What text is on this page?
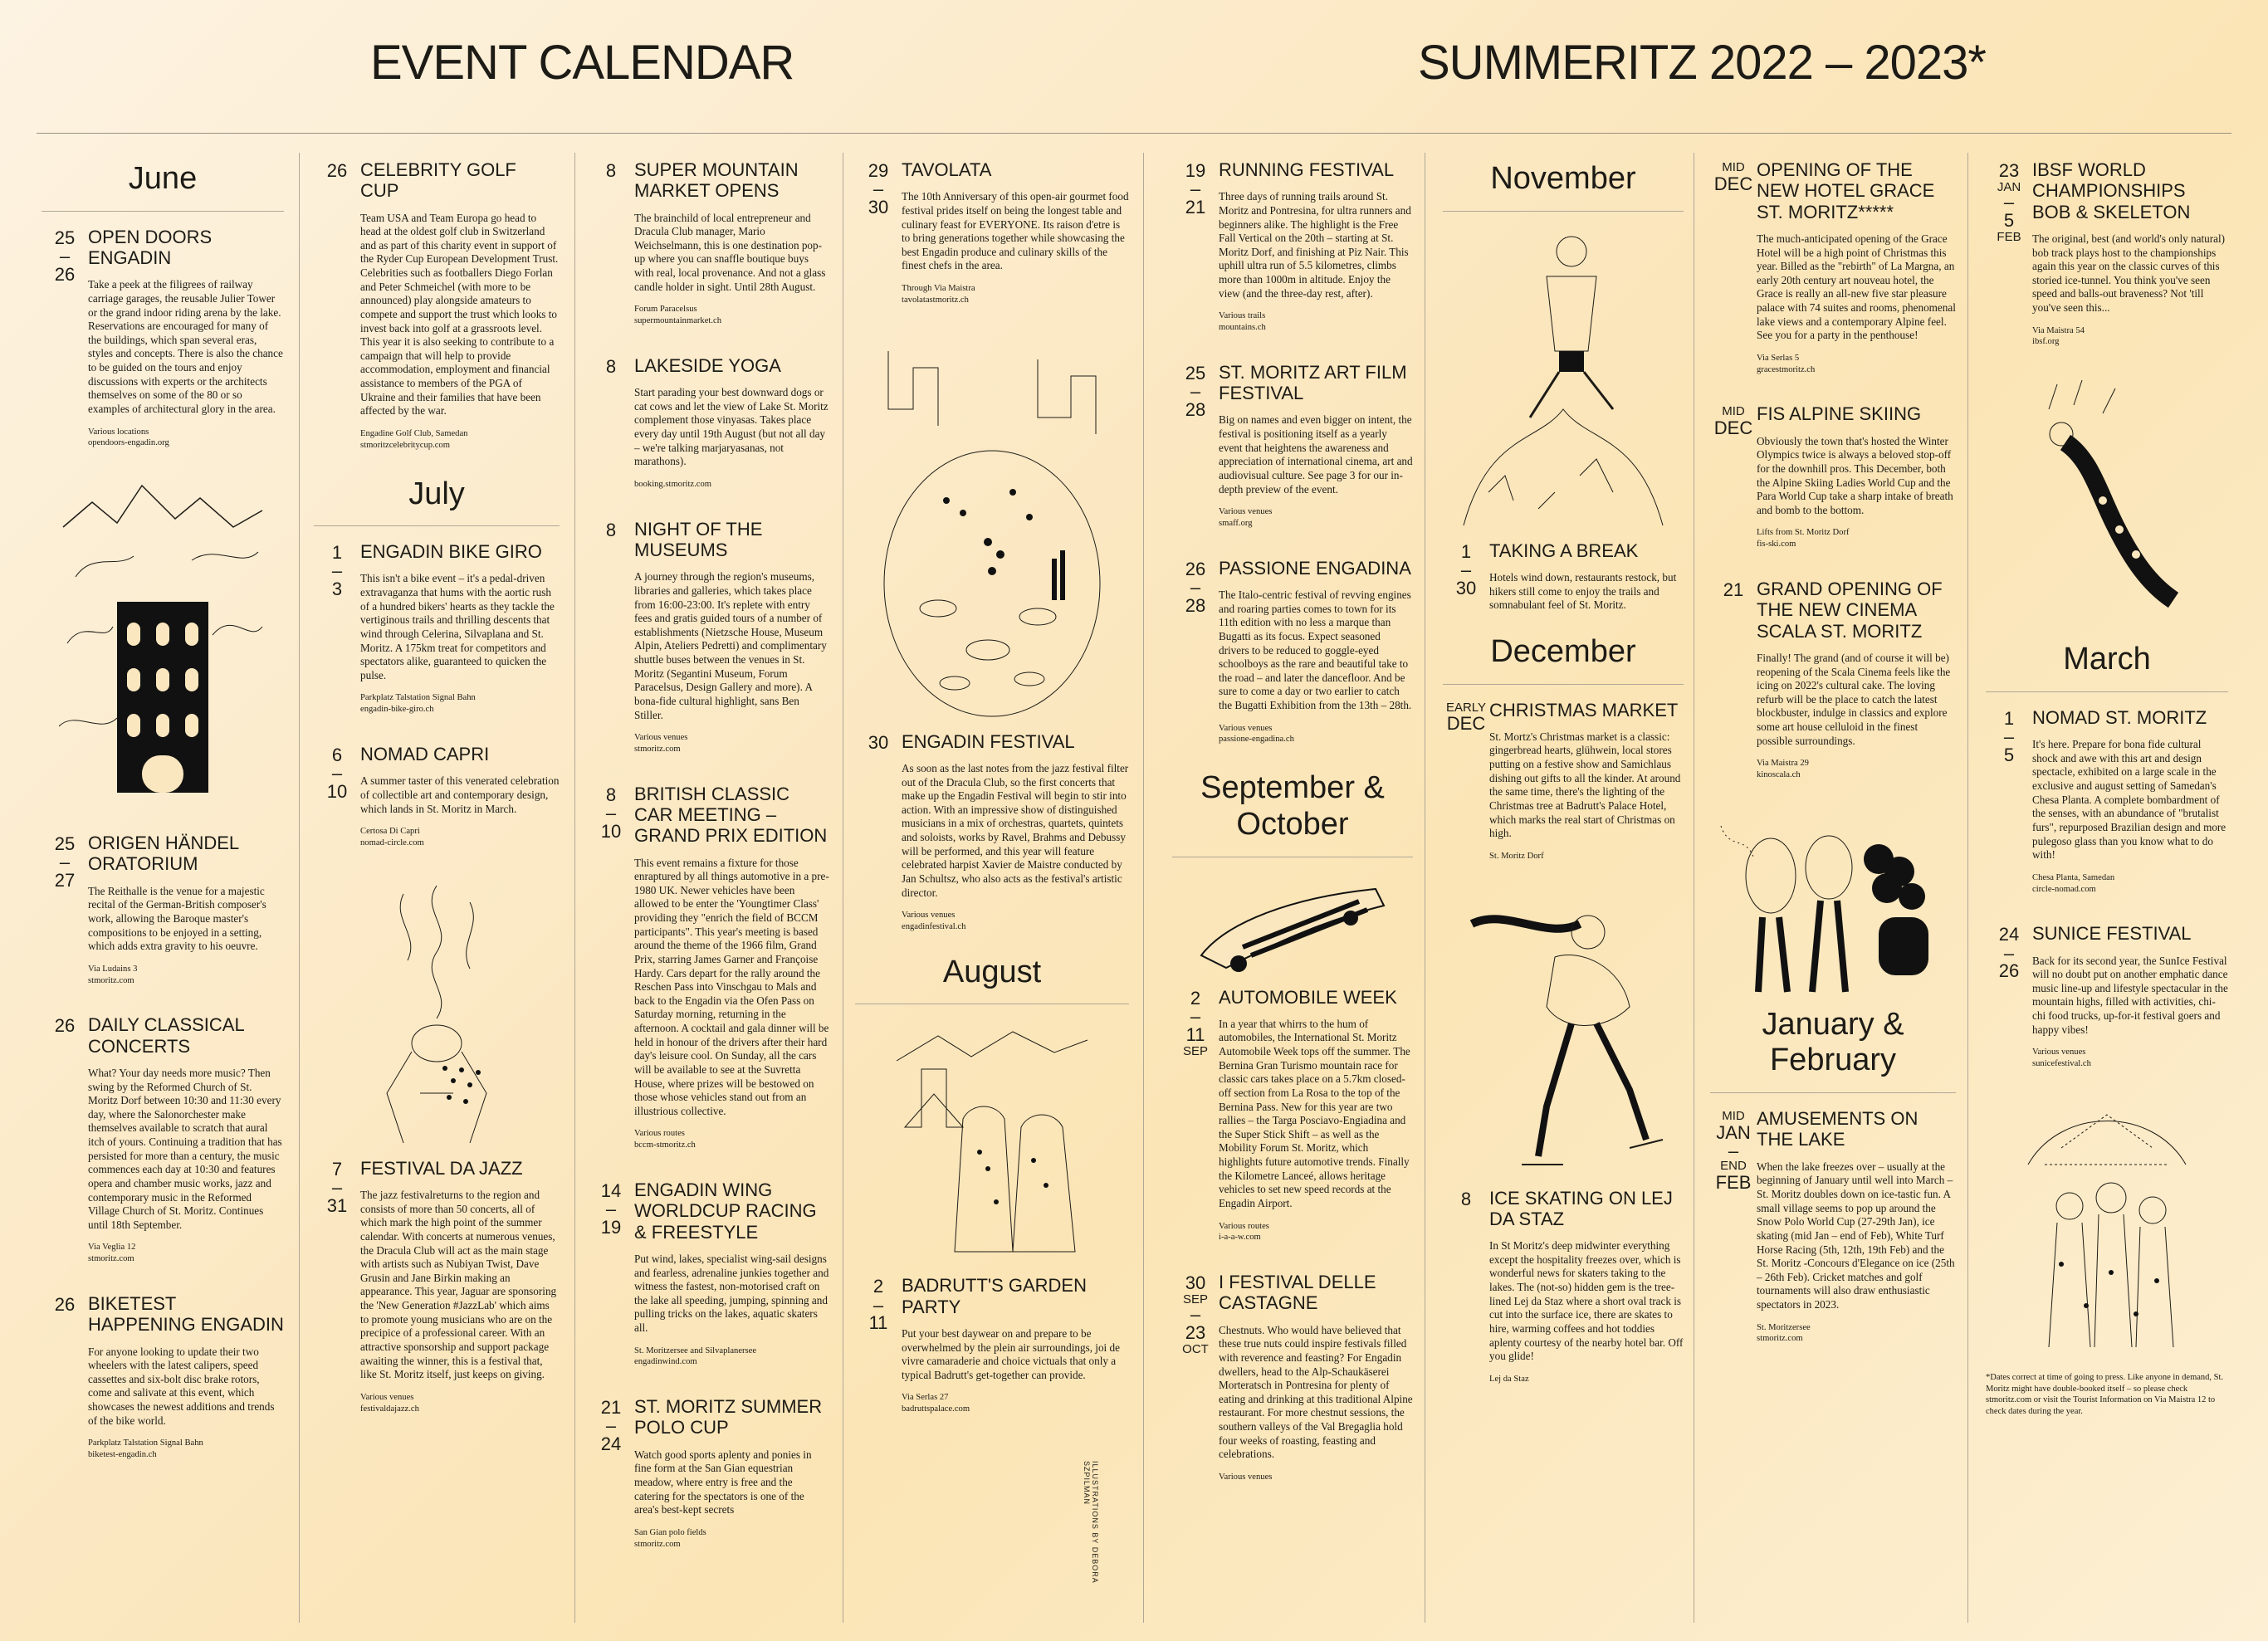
EVENT CALENDAR	SUMMERITZ 2022 – 2023*
June
25
–
26
OPEN DOORS ENGADIN
Take a peek at the filigrees of railway carriage garages, the reusable Julier Tower or the grand indoor riding arena by the lake. Reservations are encouraged for many of the buildings, which span several eras, styles and concepts. There is also the chance to be guided on the tours and enjoy discussions with experts or the architects themselves on some of the 80 or so examples of architectural glory in the area.
Various locations
opendoors-engadin.org
25
–
27
ORIGEN HÄNDEL ORATORIUM
The Reithalle is the venue for a majestic recital of the German-British composer's work, allowing the Baroque master's compositions to be enjoyed in a setting, which adds extra gravity to his oeuvre.
Via Ludains 3
stmoritz.com
26 DAILY CLASSICAL CONCERTS
What? Your day needs more music? Then swing by the Reformed Church of St. Moritz Dorf between 10:30 and 11:30 every day, where the Salonorchester make themselves available to scratch that aural itch of yours. Continuing a tradition that has persisted for more than a century, the music commences each day at 10:30 and features opera and chamber music works, jazz and contemporary music in the Reformed Village Church of St. Moritz. Continues until 18th September.
Via Veglia 12
stmoritz.com
26 BIKETEST HAPPENING ENGADIN
For anyone looking to update their two wheelers with the latest calipers, speed cassettes and six-bolt disc brake rotors, come and salivate at this event, which showcases the newest additions and trends of the bike world.
Parkplatz Talstation Signal Bahn
biketest-engadin.ch
26 CELEBRITY GOLF CUP
Team USA and Team Europa go head to head at the oldest golf club in Switzerland and as part of this charity event in support of the Ryder Cup European Development Trust. Celebrities such as footballers Diego Forlan and Peter Schmeichel (with more to be announced) play alongside amateurs to compete and support the trust which looks to invest back into golf at a grassroots level. This year it is also seeking to contribute to a campaign that will help to provide accommodation, employment and financial assistance to members of the PGA of Ukraine and their families that have been affected by the war.
Engadine Golf Club, Samedan
stmoritzcelebritycup.com
July
1
–
3
ENGADIN BIKE GIRO
This isn't a bike event – it's a pedal-driven extravaganza that hums with the aortic rush of a hundred bikers' hearts as they tackle the vertiginous trails and thrilling descents that wind through Celerina, Silvaplana and St. Moritz. A 175km treat for competitors and spectators alike, guaranteed to quicken the pulse.
Parkplatz Talstation Signal Bahn
engadin-bike-giro.ch
6
–
10
NOMAD CAPRI
A summer taster of this venerated celebration of collectible art and contemporary design, which lands in St. Moritz in March.
Certosa Di Capri
nomad-circle.com
7
–
31
FESTIVAL DA JAZZ
The jazz festivalreturns to the region and consists of more than 50 concerts, all of which mark the high point of the summer calendar. With concerts at numerous venues, the Dracula Club will act as the main stage with artists such as Nubiyan Twist, Dave Grusin and Jane Birkin making an appearance. This year, Jaguar are sponsoring the 'New Generation #JazzLab' which aims to promote young musicians who are on the precipice of a professional career. With an attractive sponsorship and support package awaiting the winner, this is a festival that, like St. Moritz itself, just keeps on giving.
Various venues
festivaldajazz.ch
8 SUPER MOUNTAIN MARKET OPENS
The brainchild of local entrepreneur and Dracula Club manager, Mario Weichselmann, this is one destination pop-up where you can snaffle boutique buys with real, local provenance. And not a glass candle holder in sight. Until 28th August.
Forum Paracelsus
supermountainmarket.ch
8 LAKESIDE YOGA
Start parading your best downward dogs or cat cows and let the view of Lake St. Moritz complement those vinyasas. Takes place every day until 19th August (but not all day – we're talking marjaryasanas, not marathons).
booking.stmoritz.com
8 NIGHT OF THE MUSEUMS
A journey through the region's museums, libraries and galleries, which takes place from 16:00-23:00. It's replete with entry fees and gratis guided tours of a number of establishments (Nietzsche House, Museum Alpin, Ateliers Pedretti) and complimentary shuttle buses between the venues in St. Moritz (Segantini Museum, Forum Paracelsus, Design Gallery and more). A bona-fide cultural highlight, sans Ben Stiller.
Various venues
stmoritz.com
8
–
10
BRITISH CLASSIC CAR MEETING – GRAND PRIX EDITION
This event remains a fixture for those enraptured by all things automotive in a pre-1980 UK. Newer vehicles have been allowed to be enter the 'Youngtimer Class' providing they "enrich the field of BCCM participants". This year's meeting is based around the theme of the 1966 film, Grand Prix, starring James Garner and Françoise Hardy. Cars depart for the rally around the Reschen Pass into Vinschgau to Mals and back to the Engadin via the Ofen Pass on Saturday morning, returning in the afternoon. A cocktail and gala dinner will be held in honour of the drivers after their hard day's leisure cool. On Sunday, all the cars will be available to see at the Suvretta House, where prizes will be bestowed on those whose vehicles stand out from an illustrious collective.
Various routes
bccm-stmoritz.ch
14
–
19
ENGADIN WING WORLDCUP RACING & FREESTYLE
Put wind, lakes, specialist wing-sail designs and fearless, adrenaline junkies together and witness the fastest, non-motorised craft on the lake all speeding, jumping, spinning and pulling tricks on the lakes, aquatic skaters all.
St. Moritzersee and Silvaplanersee
engadinwind.com
21
–
24
ST. MORITZ SUMMER POLO CUP
Watch good sports aplenty and ponies in fine form at the San Gian equestrian meadow, where entry is free and the catering for the spectators is one of the area's best-kept secrets
San Gian polo fields
stmoritz.com
29
–
30
TAVOLATA
The 10th Anniversary of this open-air gourmet food festival prides itself on being the longest table and culinary feast for EVERYONE. Its raison d'etre is to bring generations together while showcasing the best Engadin produce and culinary skills of the finest chefs in the area.
Through Via Maistra
tavolatastmoritz.ch
30 ENGADIN FESTIVAL
As soon as the last notes from the jazz festival filter out of the Dracula Club, so the first concerts that make up the Engadin Festival will begin to stir into action. With an impressive show of distinguished musicians in a mix of orchestras, quartets, quintets and soloists, works by Ravel, Brahms and Debussy will be performed, and this year will feature celebrated harpist Xavier de Maistre conducted by Jan Schultsz, who also acts as the festival's artistic director.
Various venues
engadinfestival.ch
August
2
–
11
BADRUTT'S GARDEN PARTY
Put your best daywear on and prepare to be overwhelmed by the plein air surroundings, joi de vivre camaraderie and choice victuals that only a typical Badrutt's get-together can provide.
Via Serlas 27
badruttspalace.com
ILLUSTRATIONS BY DEBORA SZPILMAN
19
–
21
RUNNING FESTIVAL
Three days of running trails around St. Moritz and Pontresina, for ultra runners and beginners alike. The highlight is the Free Fall Vertical on the 20th – starting at St. Moritz Dorf, and finishing at Piz Nair. This uphill ultra run of 5.5 kilometres, climbs more than 1000m in altitude. Enjoy the view (and the three-day rest, after).
Various trails
mountains.ch
25
–
28
ST. MORITZ ART FILM FESTIVAL
Big on names and even bigger on intent, the festival is positioning itself as a yearly event that heightens the awareness and appreciation of international cinema, art and audiovisual culture. See page 3 for our in-depth preview of the event.
Various venues
smaff.org
26
–
28
PASSIONE ENGADINA
The Italo-centric festival of revving engines and roaring parties comes to town for its 11th edition with no less a marque than Bugatti as its focus. Expect seasoned drivers to be reduced to goggle-eyed schoolboys as the rare and beautiful take to the road – and later the dancefloor. And be sure to come a day or two earlier to catch the Bugatti Exhibition from the 13th – 28th.
Various venues
passione-engadina.ch
September & October
2
–
11
SEP
AUTOMOBILE WEEK
In a year that whirrs to the hum of automobiles, the International St. Moritz Automobile Week tops off the summer. The Bernina Gran Turismo mountain race for classic cars takes place on a 5.7km closed-off section from La Rosa to the top of the Bernina Pass. New for this year are two rallies – the Targa Posciavo-Engiadina and the Super Stick Shift – as well as the Mobility Forum St. Moritz, which highlights future automotive trends. Finally the Kilometre Lanceé, allows heritage vehicles to set new speed records at the Engadin Airport.
Various routes
i-a-a-w.com
30
SEP
–
23
OCT
I FESTIVAL DELLE CASTAGNE
Chestnuts. Who would have believed that these true nuts could inspire festivals filled with reverence and feasting? For Engadin dwellers, head to the Alp-Schaukäserei Morteratsch in Pontresina for plenty of eating and drinking at this traditional Alpine restaurant. For more chestnut sessions, the southern valleys of the Val Bregaglia hold four weeks of roasting, feasting and celebrations.
Various venues
November
1
–
30
TAKING A BREAK
Hotels wind down, restaurants restock, but hikers still come to enjoy the trails and somnabulant feel of St. Moritz.
December
EARLY
DEC
CHRISTMAS MARKET
St. Mortz's Christmas market is a classic: gingerbread hearts, glühwein, local stores putting on a festive show and Samichlaus dishing out gifts to all the kinder. At around the same time, there's the lighting of the Christmas tree at Badrutt's Palace Hotel, which marks the real start of Christmas on high.
St. Moritz Dorf
8 ICE SKATING ON LEJ DA STAZ
In St Moritz's deep midwinter everything except the hospitality freezes over, which is wonderful news for skaters taking to the lakes. The (not-so) hidden gem is the tree-lined Lej da Staz where a short oval track is cut into the surface ice, there are skates to hire, warming coffees and hot toddies aplenty courtesy of the nearby hotel bar. Off you glide!
Lej da Staz
MID
DEC
OPENING OF THE NEW HOTEL GRACE ST. MORITZ*****
The much-anticipated opening of the Grace Hotel will be a high point of Christmas this year. Billed as the "rebirth" of La Margna, an early 20th century art nouveau hotel, the Grace is really an all-new five star pleasure palace with 74 suites and rooms, phenomenal lake views and a contemporary Alpine feel. See you for a party in the penthouse!
Via Serlas 5
gracestmoritz.ch
MID
DEC
FIS ALPINE SKIING
Obviously the town that's hosted the Winter Olympics twice is always a beloved stop-off for the downhill pros. This December, both the Alpine Skiing Ladies World Cup and the Para World Cup take a sharp intake of breath and bomb to the bottom.
Lifts from St. Moritz Dorf
fis-ski.com
21 GRAND OPENING OF THE NEW CINEMA SCALA ST. MORITZ
Finally! The grand (and of course it will be) reopening of the Scala Cinema feels like the icing on 2022's cultural cake. The loving refurb will be the place to catch the latest blockbuster, indulge in classics and explore some art house celluloid in the finest possible surroundings.
Via Maistra 29
kinoscala.ch
January & February
MID
JAN
–
END
FEB
AMUSEMENTS ON THE LAKE
When the lake freezes over – usually at the beginning of January until well into March – St. Moritz doubles down on ice-tastic fun. A small village seems to pop up around the Snow Polo World Cup (27-29th Jan), ice skating (mid Jan – end of Feb), White Turf Horse Racing (5th, 12th, 19th Feb) and the St. Moritz -Concours d'Elegance on ice (25th – 26th Feb). Cricket matches and golf tournaments will also draw enthusiastic spectators in 2023.
St. Moritzersee
stmoritz.com
23
JAN
–
5
FEB
IBSF WORLD CHAMPIONSHIPS BOB & SKELETON
The original, best (and world's only natural) bob track plays host to the championships again this year on the classic curves of this storied ice-tunnel. You think you've seen speed and balls-out braveness? Not 'till you've seen this...
Via Maistra 54
ibsf.org
March
1
–
5
NOMAD ST. MORITZ
It's here. Prepare for bona fide cultural shock and awe with this art and design spectacle, exhibited on a large scale in the exclusive and august setting of Samedan's Chesa Planta. A complete bombardment of the senses, with an abundance of "brutalist furs", repurposed Brazilian design and more pulegoso glass than you know what to do with!
Chesa Planta, Samedan
circle-nomad.com
24
–
26
SUNICE FESTIVAL
Back for its second year, the SunIce Festival will no doubt put on another emphatic dance music line-up and lifestyle spectacular in the mountain highs, filled with activities, chi-chi food trucks, up-for-it festival goers and happy vibes!
Various venues
sunicefestival.ch
*Dates correct at time of going to press. Like anyone in demand, St. Moritz might have double-booked itself – so please check stmoritz.com or visit the Tourist Information on Via Maistra 12 to check dates during the year.
